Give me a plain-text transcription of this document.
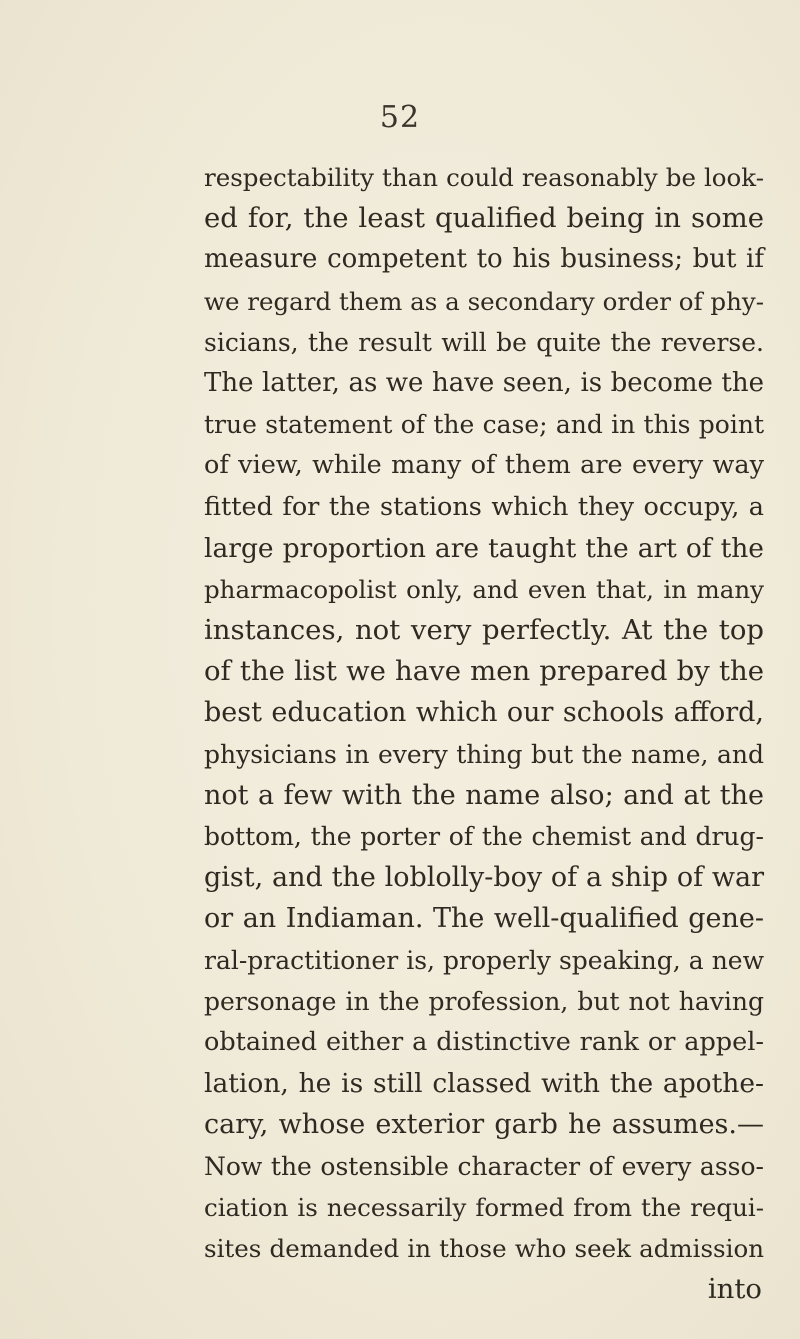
52
respectability than could reasonably be look-
ed for, the least qualified being in some
measure competent to his business; but if
we regard them as a secondary order of phy-
sicians, the result will be quite the reverse.
The latter, as we have seen, is become the
true statement of the case; and in this point
of view, while many of them are every way
fitted for the stations which they occupy, a
large proportion are taught the art of the
pharmacopolist only, and even that, in many
instances, not very perfectly. At the top
of the list we have men prepared by the
best education which our schools afford,
physicians in every thing but the name, and
not a few with the name also; and at the
bottom, the porter of the chemist and drug-
gist, and the loblolly-boy of a ship of war
or an Indiaman. The well-qualified gene-
ral-practitioner is, properly speaking, a new
personage in the profession, but not having
obtained either a distinctive rank or appel-
lation, he is still classed with the apothe-
cary, whose exterior garb he assumes.—
Now the ostensible character of every asso-
ciation is necessarily formed from the requi-
sites demanded in those who seek admission
into
